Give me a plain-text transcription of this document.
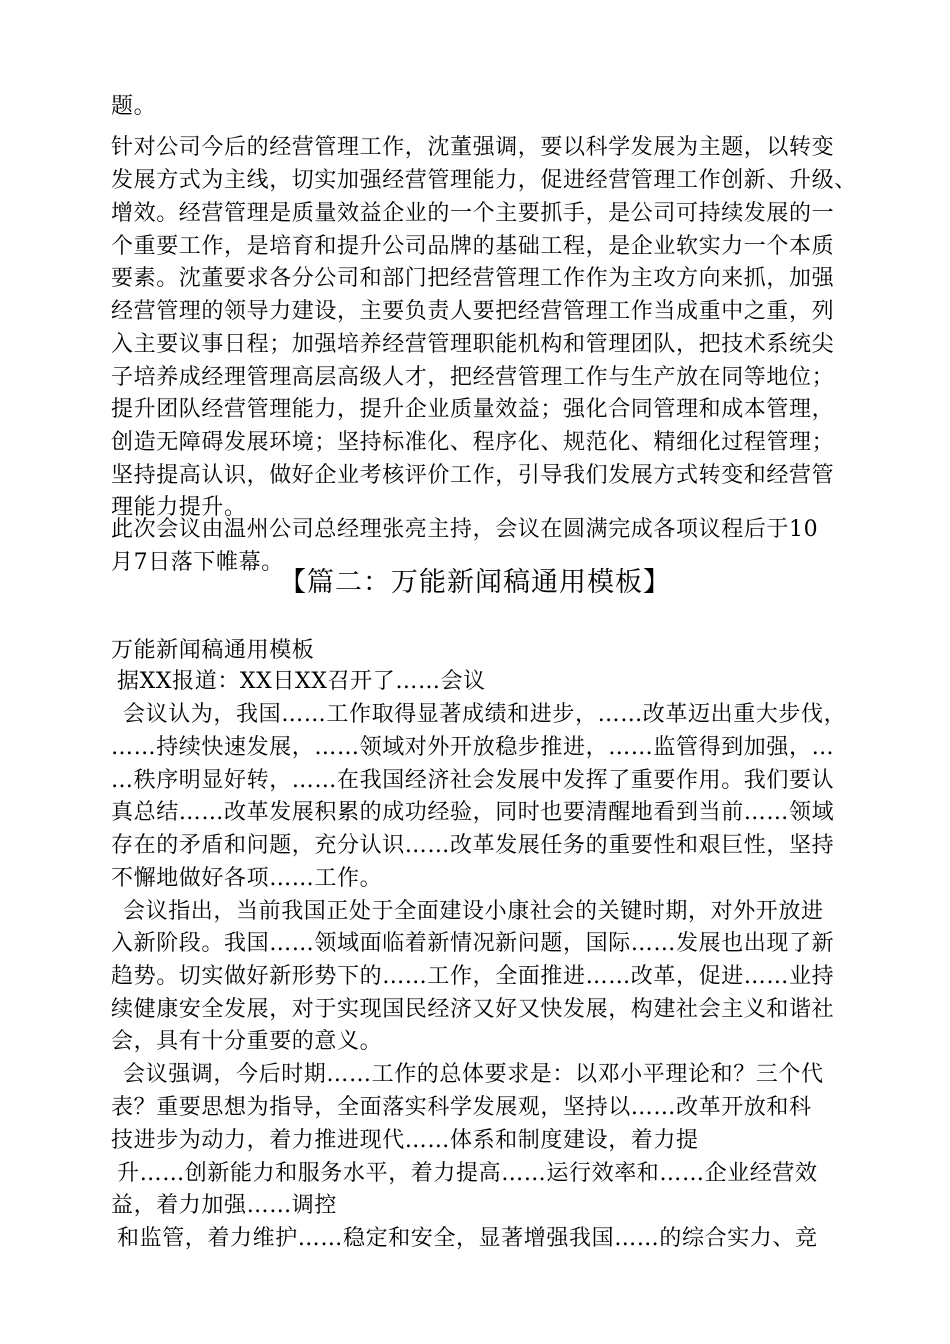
题。
针对公司今后的经营管理工作，沈董强调，要以科学发展为主题，以转变
发展方式为主线，切实加强经营管理能力，促进经营管理工作创新、升级、
增效。经营管理是质量效益企业的一个主要抓手，是公司可持续发展的一
个重要工作，是培育和提升公司品牌的基础工程，是企业软实力一个本质
要素。沈董要求各分公司和部门把经营管理工作作为主攻方向来抓，加强
经营管理的领导力建设，主要负责人要把经营管理工作当成重中之重，列
入主要议事日程；加强培养经营管理职能机构和管理团队，把技术系统尖
子培养成经理管理高层高级人才，把经营管理工作与生产放在同等地位；
提升团队经营管理能力，提升企业质量效益；强化合同管理和成本管理，
创造无障碍发展环境；坚持标准化、程序化、规范化、精细化过程管理；
坚持提高认识，做好企业考核评价工作，引导我们发展方式转变和经营管
理能力提升。
此次会议由温州公司总经理张亮主持，会议在圆满完成各项议程后于10
月7日落下帷幕。
【篇二：万能新闻稿通用模板】
万能新闻稿通用模板
据XX报道：XX日XX召开了……会议
会议认为，我国……工作取得显著成绩和进步，……改革迈出重大步伐，
……持续快速发展，……领域对外开放稳步推进，……监管得到加强，…
…秩序明显好转，……在我国经济社会发展中发挥了重要作用。我们要认
真总结……改革发展积累的成功经验，同时也要清醒地看到当前……领域
存在的矛盾和问题，充分认识……改革发展任务的重要性和艰巨性，坚持
不懈地做好各项……工作。
会议指出，当前我国正处于全面建设小康社会的关键时期，对外开放进
入新阶段。我国……领域面临着新情况新问题，国际……发展也出现了新
趋势。切实做好新形势下的……工作，全面推进……改革，促进……业持
续健康安全发展，对于实现国民经济又好又快发展，构建社会主义和谐社
会，具有十分重要的意义。
会议强调，今后时期……工作的总体要求是：以邓小平理论和？三个代
表？重要思想为指导，全面落实科学发展观，坚持以……改革开放和科
技进步为动力，着力推进现代……体系和制度建设，着力提
升……创新能力和服务水平，着力提高……运行效率和……企业经营效
益，着力加强……调控
和监管，着力维护……稳定和安全，显著增强我国……的综合实力、竞
